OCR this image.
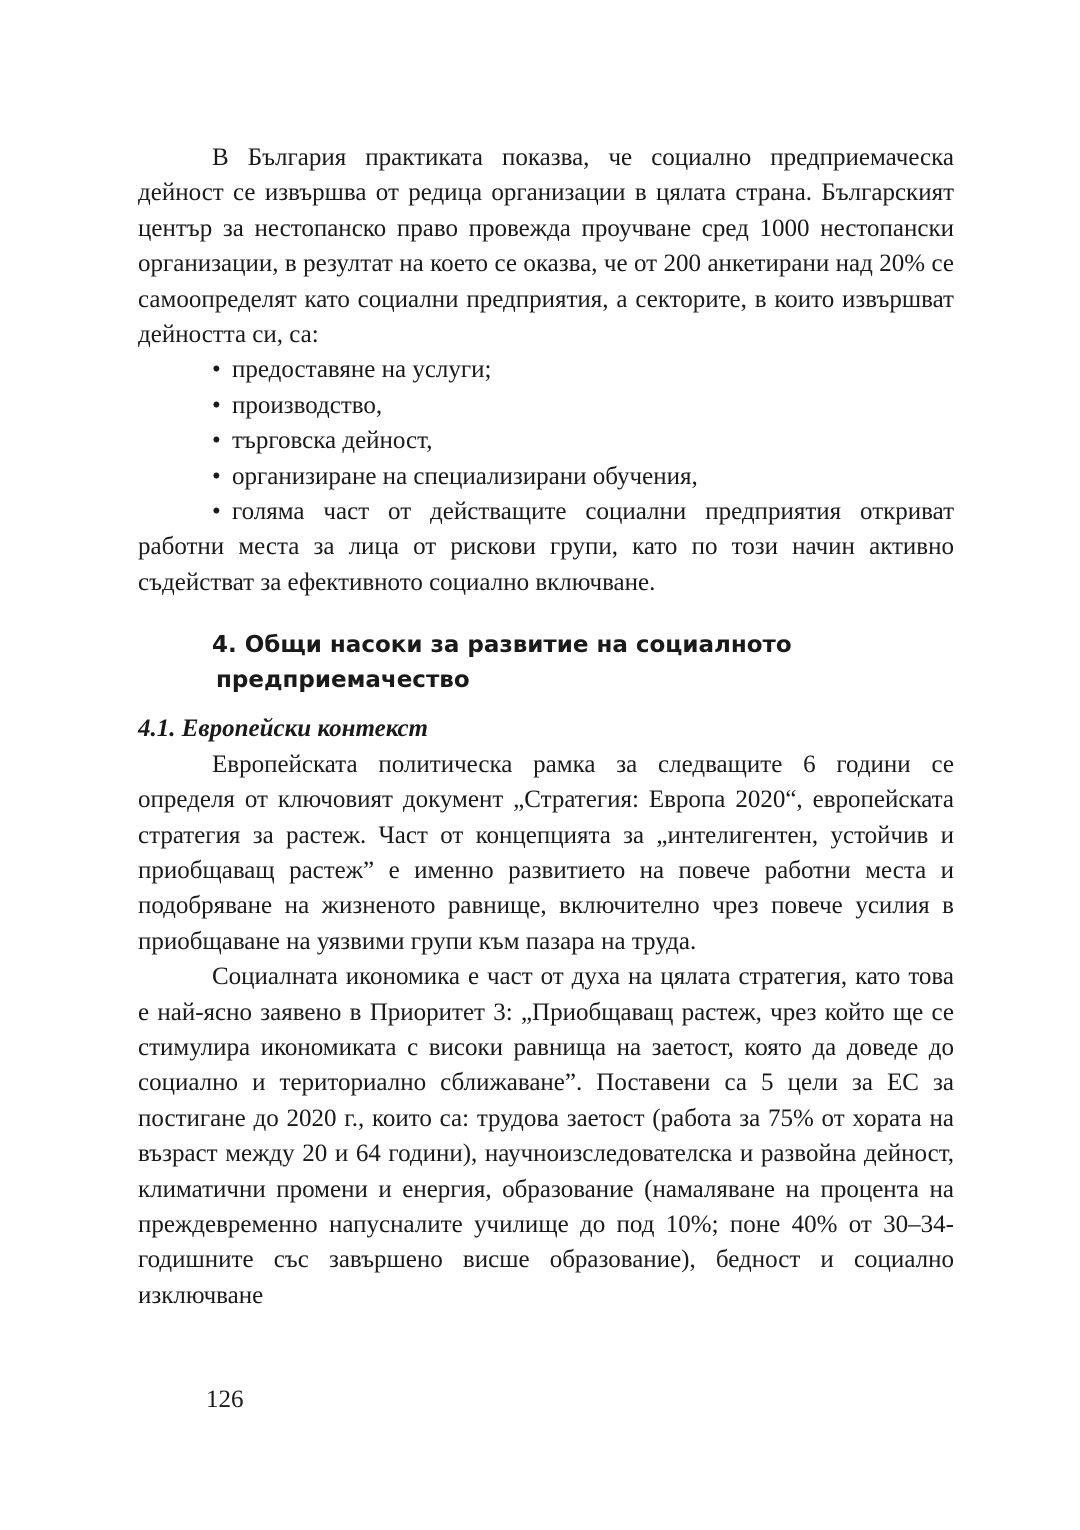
В България практиката показва, че социално предприемаческа дейност се извършва от редица организации в цялата страна. Българският център за нестопанско право провежда проучване сред 1000 нестопански организации, в резултат на което се оказва, че от 200 анкетирани над 20% се самоопределят като социални предприятия, а секторите, в които извършват дейността си, са:

• предоставяне на услуги;
• производство,
• търговска дейност,
• организиране на специализирани обучения,
• голяма част от действащите социални предприятия откриват работни места за лица от рискови групи, като по този начин активно съдействат за ефективното социално включване.
4. Общи насоки за развитие на социалното
предприемачество

4.1. Европейски контекст

Европейската политическа рамка за следващите 6 години се определя от ключовият документ „Стратегия: Европа 2020“, европейската стратегия за растеж. Част от концепцията за „интелигентен, устойчив и приобщаващ растеж” е именно развитието на повече работни места и подобряване на жизненото равнище, включително чрез повече усилия в приобщаване на уязвими групи към пазара на труда.

Социалната икономика е част от духа на цялата стратегия, като това е най-ясно заявено в Приоритет 3: „Приобщаващ растеж, чрез който ще се стимулира икономиката с високи равнища на заетост, която да доведе до социално и териториално сближаване”. Поставени са 5 цели за ЕС за постигане до 2020 г., които са: трудова заетост (работа за 75% от хората на възраст между 20 и 64 години), научноизследователска и развойна дейност, климатични промени и енергия, образование (намаляване на процента на преждевременно напусналите училище до под 10%; поне 40% от 30–34-годишните със завършено висше образование), бедност и социално изключване

126
